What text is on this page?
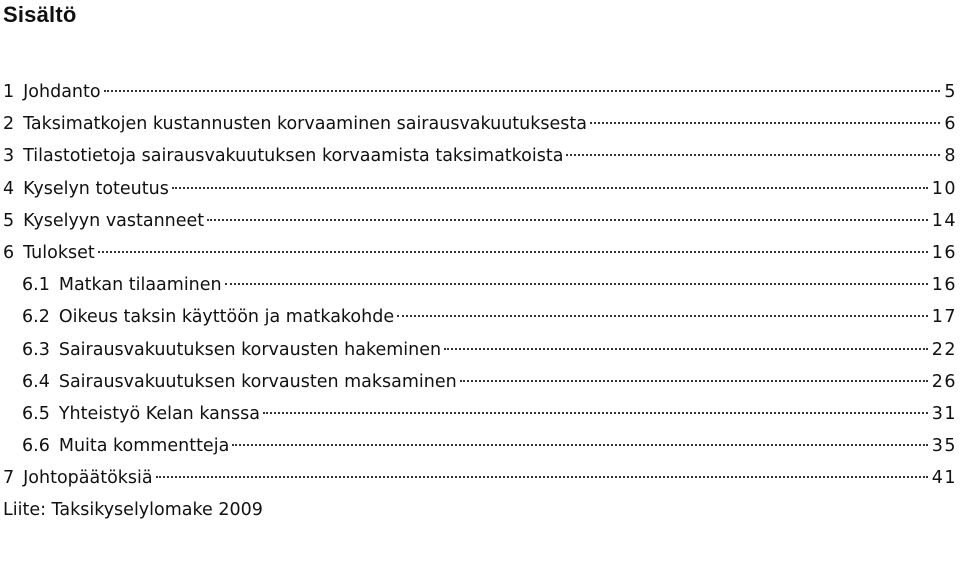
Sisältö
1 Johdanto	5
2 Taksimatkojen kustannusten korvaaminen sairausvakuutuksesta	6
3 Tilastotietoja sairausvakuutuksen korvaamista taksimatkoista	8
4 Kyselyn toteutus	10
5 Kyselyyn vastanneet	14
6 Tulokset	16
6.1 Matkan tilaaminen	16
6.2 Oikeus taksin käyttöön ja matkakohde	17
6.3 Sairausvakuutuksen korvausten hakeminen	22
6.4 Sairausvakuutuksen korvausten maksaminen	26
6.5 Yhteistyö Kelan kanssa	31
6.6 Muita kommentteja	35
7 Johtopäätöksiä	41
Liite: Taksikyselylomake 2009
